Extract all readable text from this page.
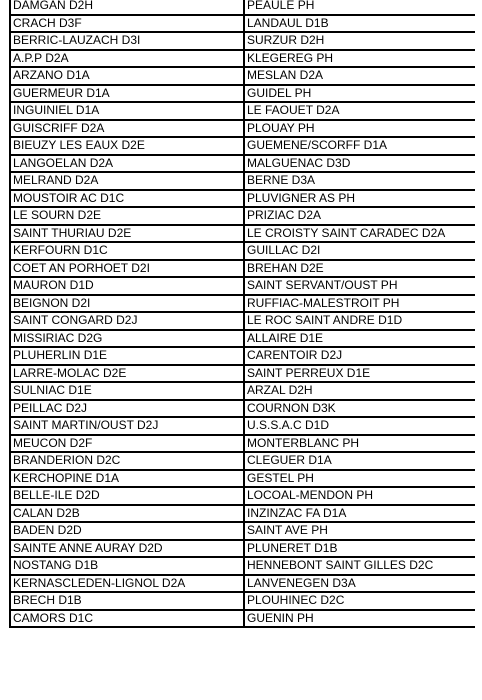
DAMGAN D2H	PEAULE PH
CRACH D3F	LANDAUL D1B
BERRIC-LAUZACH D3I	SURZUR D2H
A.P.P D2A	KLEGEREG PH
ARZANO D1A	MESLAN D2A
GUERMEUR D1A	GUIDEL PH
INGUINIEL D1A	LE FAOUET D2A
GUISCRIFF D2A	PLOUAY PH
BIEUZY LES EAUX D2E	GUEMENE/SCORFF D1A
LANGOELAN D2A	MALGUENAC D3D
MELRAND D2A	BERNE D3A
MOUSTOIR AC D1C	PLUVIGNER AS PH
LE SOURN D2E	PRIZIAC D2A
SAINT THURIAU D2E	LE CROISTY SAINT CARADEC D2A
KERFOURN D1C	GUILLAC D2I
COET AN PORHOET D2I	BREHAN D2E
MAURON D1D	SAINT SERVANT/OUST PH
BEIGNON D2I	RUFFIAC-MALESTROIT PH
SAINT CONGARD D2J	LE ROC SAINT ANDRE D1D
MISSIRIAC D2G	ALLAIRE D1E
PLUHERLIN D1E	CARENTOIR D2J
LARRE-MOLAC D2E	SAINT PERREUX D1E
SULNIAC D1E	ARZAL D2H
PEILLAC D2J	COURNON D3K
SAINT MARTIN/OUST D2J	U.S.S.A.C D1D
MEUCON D2F	MONTERBLANC PH
BRANDERION D2C	CLEGUER D1A
KERCHOPINE D1A	GESTEL PH
BELLE-ILE D2D	LOCOAL-MENDON PH
CALAN D2B	INZINZAC FA D1A
BADEN D2D	SAINT AVE PH
SAINTE ANNE AURAY D2D	PLUNERET D1B
NOSTANG D1B	HENNEBONT SAINT GILLES D2C
KERNASCLEDEN-LIGNOL D2A	LANVENEGEN D3A
BRECH D1B	PLOUHINEC D2C
CAMORS D1C	GUENIN PH
